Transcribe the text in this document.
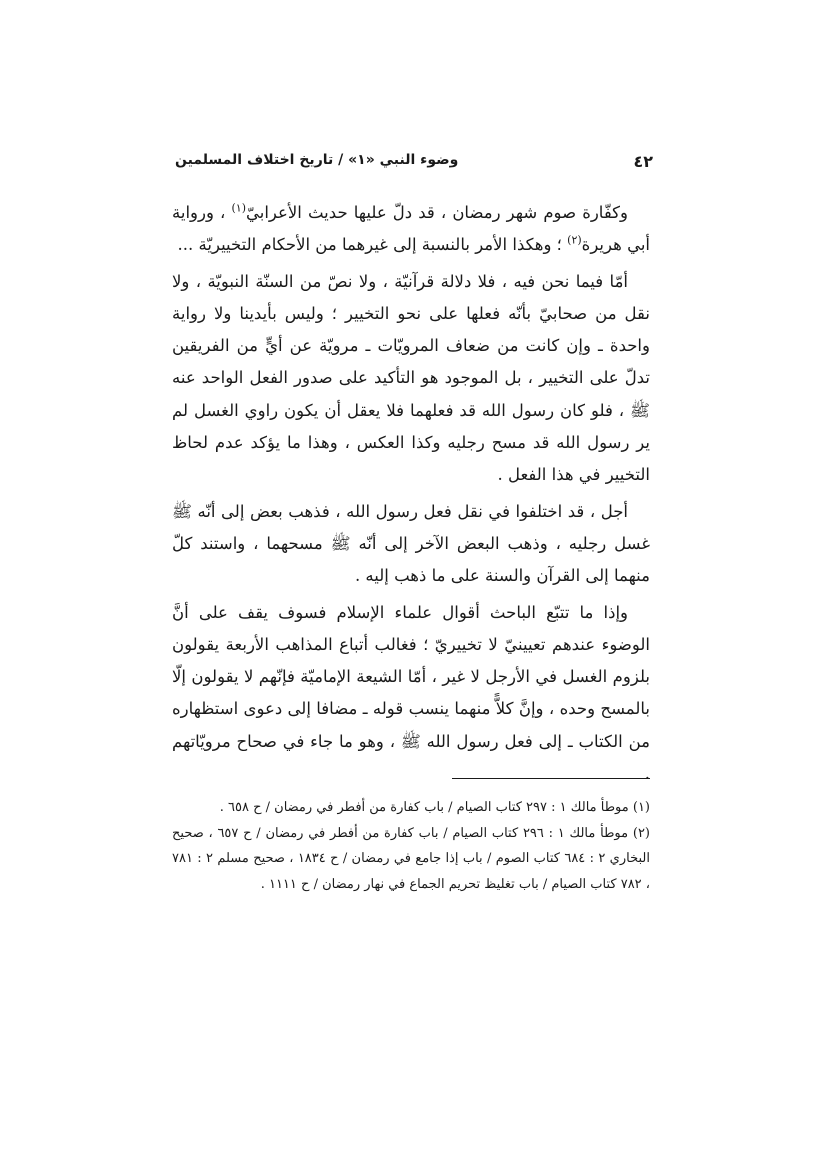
٤٢
وضوء النبي «١» / تاريخ اختلاف المسلمين

وكفّارة صوم شهر رمضان ، قد دلّ عليها حديث الأعرابيّ$^{(١)}$ ، ورواية أبي هريرة$^{(٢)}$ ؛ وهكذا الأمر بالنسبة إلى غيرهما من الأحكام التخييريّة ...

أمّا فيما نحن فيه ، فلا دلالة قرآنيّة ، ولا نصّ من السنّة النبويّة ، ولا نقل من صحابيّ بأنّه فعلها على نحو التخيير ؛ وليس بأيدينا ولا رواية واحدة ـ وإن كانت من ضعاف المرويّات ـ مرويّة عن أيٍّ من الفريقين تدلّ على التخيير ، بل الموجود هو التأكيد على صدور الفعل الواحد عنه ﷺ ، فلو كان رسول الله قد فعلهما فلا يعقل أن يكون راوي الغسل لم ير رسول الله قد مسح رجليه وكذا العكس ، وهذا ما يؤكد عدم لحاظ التخيير في هذا الفعل .

أجل ، قد اختلفوا في نقل فعل رسول الله ، فذهب بعض إلى أنّه ﷺ غسل رجليه ، وذهب البعض الآخر إلى أنّه ﷺ مسحهما ، واستند كلّ منهما إلى القرآن والسنة على ما ذهب إليه .

وإذا ما تتبّع الباحث أقوال علماء الإسلام فسوف يقف على أنَّ الوضوء عندهم تعيينيّ لا تخييريّ ؛ فغالب أتباع المذاهب الأربعة يقولون بلزوم الغسل في الأرجل لا غير ، أمّا الشيعة الإماميّة فإنّهم لا يقولون إلّا بالمسح وحده ، وإنَّ كلاًّ منهما ينسب قوله ـ مضافا إلى دعوى استظهاره من الكتاب ـ إلى فعل رسول الله ﷺ ، وهو ما جاء في صحاح مرويّاتهم .

(١) موطأ مالك ١ : ٢٩٧ كتاب الصيام / باب كفارة من أفطر في رمضان / ح ٦٥٨ .

(٢) موطأ مالك ١ : ٢٩٦ كتاب الصيام / باب كفارة من أفطر في رمضان / ح ٦٥٧ ، صحيح البخاري ٢ : ٦٨٤ كتاب الصوم / باب إذا جامع في رمضان / ح ١٨٣٤ ، صحيح مسلم ٢ : ٧٨١ ، ٧٨٢ كتاب الصيام / باب تغليظ تحريم الجماع في نهار رمضان / ح ١١١١ .
